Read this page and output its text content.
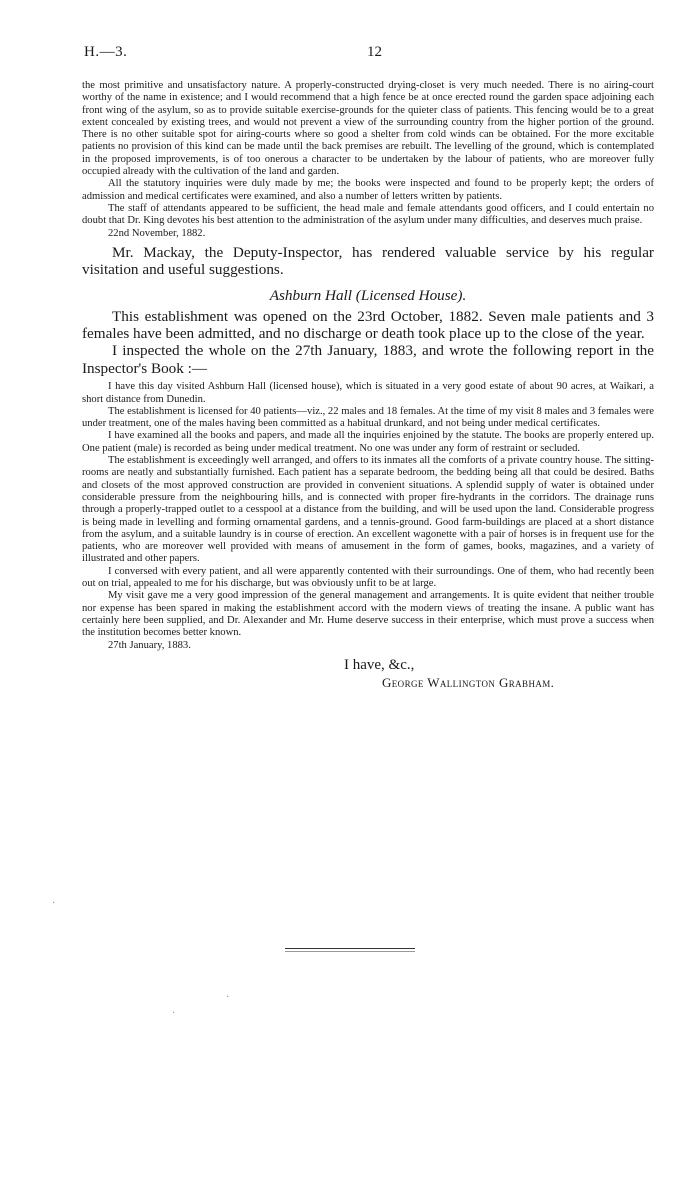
H.—3.	12

the most primitive and unsatisfactory nature. A properly-constructed drying-closet is very much needed. There is no airing-court worthy of the name in existence; and I would recommend that a high fence be at once erected round the garden space adjoining each front wing of the asylum, so as to provide suitable exercise-grounds for the quieter class of patients. This fencing would be to a great extent concealed by existing trees, and would not prevent a view of the surrounding country from the higher portion of the ground. There is no other suitable spot for airing-courts where so good a shelter from cold winds can be obtained. For the more excitable patients no provision of this kind can be made until the back premises are rebuilt. The levelling of the ground, which is contemplated in the proposed improvements, is of too onerous a character to be undertaken by the labour of patients, who are moreover fully occupied already with the cultivation of the land and garden.

All the statutory inquiries were duly made by me; the books were inspected and found to be properly kept; the orders of admission and medical certificates were examined, and also a number of letters written by patients.

The staff of attendants appeared to be sufficient, the head male and female attendants good officers, and I could entertain no doubt that Dr. King devotes his best attention to the administration of the asylum under many difficulties, and deserves much praise.

22nd November, 1882.

Mr. Mackay, the Deputy-Inspector, has rendered valuable service by his regular visitation and useful suggestions.

Ashburn Hall (Licensed House).

This establishment was opened on the 23rd October, 1882. Seven male patients and 3 females have been admitted, and no discharge or death took place up to the close of the year.

I inspected the whole on the 27th January, 1883, and wrote the following report in the Inspector's Book :—

I have this day visited Ashburn Hall (licensed house), which is situated in a very good estate of about 90 acres, at Waikari, a short distance from Dunedin.

The establishment is licensed for 40 patients—viz., 22 males and 18 females. At the time of my visit 8 males and 3 females were under treatment, one of the males having been committed as a habitual drunkard, and not being under medical certificates.

I have examined all the books and papers, and made all the inquiries enjoined by the statute. The books are properly entered up. One patient (male) is recorded as being under medical treatment. No one was under any form of restraint or secluded.

The establishment is exceedingly well arranged, and offers to its inmates all the comforts of a private country house. The sitting-rooms are neatly and substantially furnished. Each patient has a separate bedroom, the bedding being all that could be desired. Baths and closets of the most approved construction are provided in convenient situations. A splendid supply of water is obtained under considerable pressure from the neighbouring hills, and is connected with proper fire-hydrants in the corridors. The drainage runs through a properly-trapped outlet to a cesspool at a distance from the building, and will be used upon the land. Considerable progress is being made in levelling and forming ornamental gardens, and a tennis-ground. Good farm-buildings are placed at a short distance from the asylum, and a suitable laundry is in course of erection. An excellent wagonette with a pair of horses is in frequent use for the patients, who are moreover well provided with means of amusement in the form of games, books, magazines, and a variety of illustrated and other papers.

I conversed with every patient, and all were apparently contented with their surroundings. One of them, who had recently been out on trial, appealed to me for his discharge, but was obviously unfit to be at large.

My visit gave me a very good impression of the general management and arrangements. It is quite evident that neither trouble nor expense has been spared in making the establishment accord with the modern views of treating the insane. A public want has certainly here been supplied, and Dr. Alexander and Mr. Hume deserve success in their enterprise, which must prove a success when the institution becomes better known.

27th January, 1883.

I have, &c.,
George Wallington Grabham.
·
·
·
